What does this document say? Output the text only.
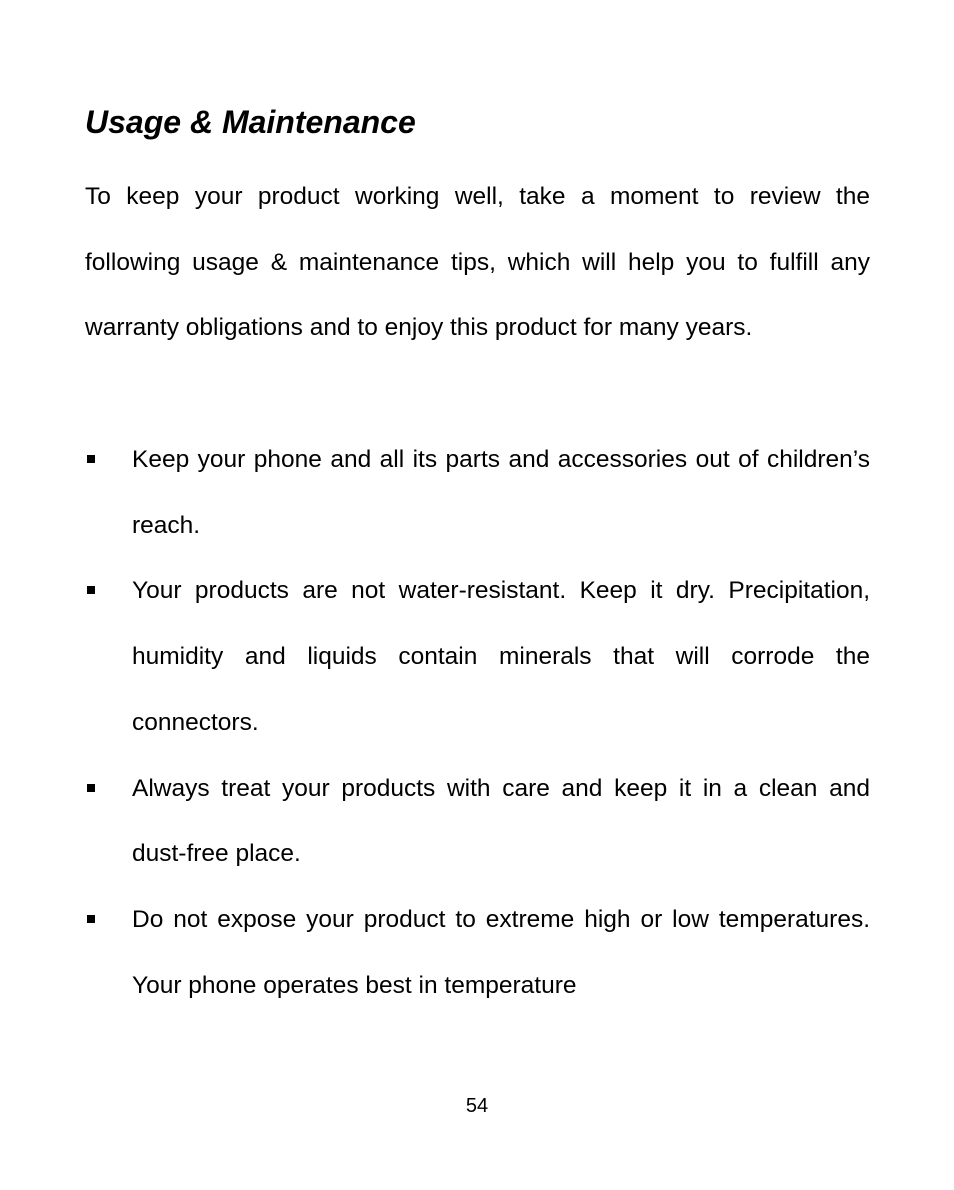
Usage & Maintenance

To keep your product working well, take a moment to review the following usage & maintenance tips, which will help you to fulfill any warranty obligations and to enjoy this product for many years.

Keep your phone and all its parts and accessories out of children’s reach.
Your products are not water-resistant. Keep it dry. Precipitation, humidity and liquids contain minerals that will corrode the connectors.
Always treat your products with care and keep it in a clean and dust-free place.
Do not expose your product to extreme high or low temperatures. Your phone operates best in temperature
54
